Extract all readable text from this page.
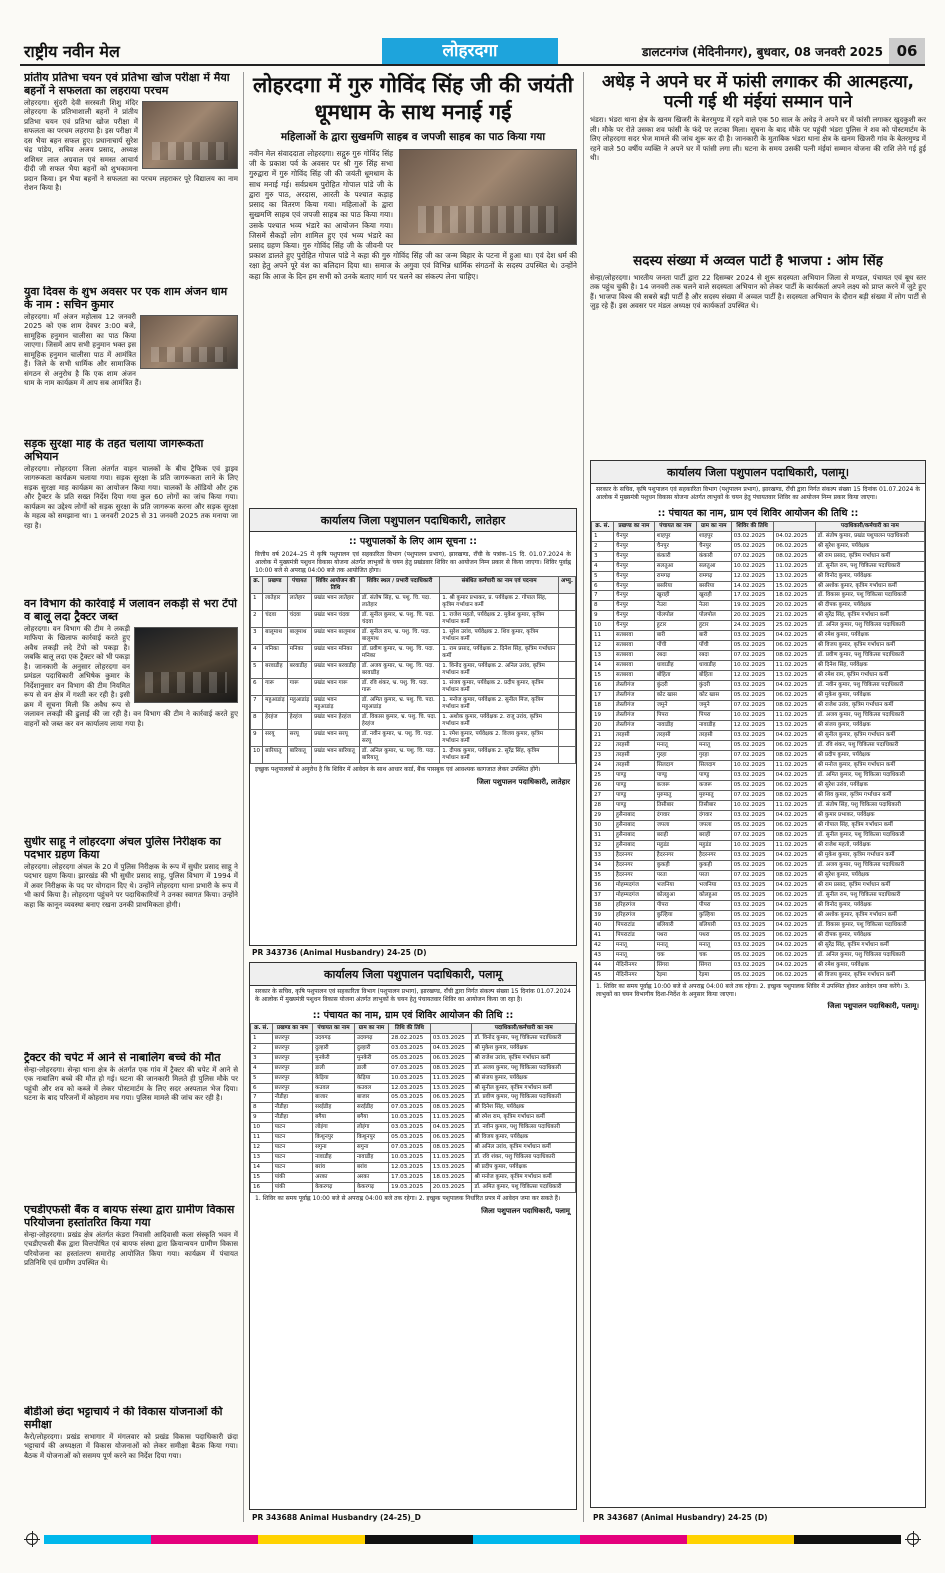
राष्ट्रीय नवीन मेल	लोहरदगा	डालटनगंज (मेदिनीनगर), बुधवार, 08 जनवरी 2025 06
प्रांतीय प्रतिभा चयन एवं प्रतिभा खोज परीक्षा में मैया बहनों ने सफलता का लहराया परचम
लोहरदगा। सुंदरी देवी सरस्वती शिशु मंदिर लोहरदगा के प्रतिभाशाली बहनों ने प्रांतीय प्रतिभा चयन एवं प्रतिभा खोज परीक्षा में सफलता का परचम लहराया है। इस परीक्षा में दस भैया बहन सफल हुए। प्रधानाचार्य सुरेश चंद्र पांडेय, सचिव अजय प्रसाद, अध्यक्ष शशिधर लाल अग्रवाल एवं समस्त आचार्य दीदी जी सफल भैया बहनों को शुभकामना प्रदान किया। इन भैया बहनों ने सफलता का परचम लहराकर पूरे विद्यालय का नाम रोशन किया है।
युवा दिवस के शुभ अवसर पर एक शाम अंजन धाम के नाम : सचिन कुमार
लोहरदगा। माँ अंजन महोत्सव 12 जनवरी 2025 को एक शाम देवघर 3:00 बजे, सामूहिक हनुमान चालीसा का पाठ किया जाएगा। जिसमें आप सभी हनुमान भक्त इस सामूहिक हनुमान चालीसा पाठ में आमंत्रित हैं। जिले के सभी धार्मिक और सामाजिक संगठन से अनुरोध है कि एक शाम अंजन धाम के नाम कार्यक्रम में आप सब आमंत्रित हैं।
सड़क सुरक्षा माह के तहत चलाया जागरूकता अभियान
लोहरदगा। लोहरदगा जिला अंतर्गत वाहन चालकों के बीच ट्रैफिक एवं ड्राइव जागरूकता कार्यक्रम चलाया गया। सड़क सुरक्षा के प्रति जागरूकता लाने के लिए सड़क सुरक्षा माह कार्यक्रम का आयोजन किया गया। चालकों के ऑडियो और ट्रक और ट्रैक्टर के प्रति सख्त निर्देश दिया गया कुल 60 लोगों का जांच किया गया। कार्यक्रम का उद्देश्य लोगों को सड़क सुरक्षा के प्रति जागरूक करना और सड़क सुरक्षा के महत्व को समझाना था। 1 जनवरी 2025 से 31 जनवरी 2025 तक मनाया जा रहा है।
वन विभाग की कार्रवाई में जलावन लकड़ी से भरा टेंपो व बालू लदा ट्रैक्टर जब्त
लोहरदगा। वन विभाग की टीम ने लकड़ी माफिया के खिलाफ कार्रवाई करते हुए अवैध लकड़ी लदे टेंपो को पकड़ा है। जबकि बालू लदा एक ट्रैक्टर को भी पकड़ा है। जानकारी के अनुसार लोहरदगा वन प्रमंडल पदाधिकारी अभिषेक कुमार के निर्देशानुसार वन विभाग की टीम नियमित रूप से वन क्षेत्र में गश्ती कर रही है। इसी क्रम में सूचना मिली कि अवैध रूप से जलावन लकड़ी की ढुलाई की जा रही है। वन विभाग की टीम ने कार्रवाई करते हुए वाहनों को जब्त कर वन कार्यालय लाया गया है।
सुधीर साहू ने लोहरदगा अंचल पुलिस निरीक्षक का पदभार ग्रहण किया
लोहरदगा। लोहरदगा अंचल के 20 में पुलिस निरीक्षक के रूप में सुधीर प्रसाद साहू ने पदभार ग्रहण किया। झारखंड की भी सुधीर प्रसाद साहू, पुलिस विभाग में 1994 में में अवर निरीक्षक के पद पर योगदान दिए थे। उन्होंने लोहरदगा थाना प्रभारी के रूप में भी कार्य किया है। लोहरदगा पहुंचने पर पदाधिकारियों ने उनका स्वागत किया। उन्होंने कहा कि कानून व्यवस्था बनाए रखना उनकी प्राथमिकता होगी।
ट्रैक्टर की चपेट में आने से नाबालिग बच्चे की मौत
सेन्हा-लोहरदगा। सेन्हा थाना क्षेत्र के अंतर्गत एक गांव में ट्रैक्टर की चपेट में आने से एक नाबालिग बच्चे की मौत हो गई। घटना की जानकारी मिलते ही पुलिस मौके पर पहुंची और शव को कब्जे में लेकर पोस्टमार्टम के लिए सदर अस्पताल भेज दिया। घटना के बाद परिजनों में कोहराम मच गया। पुलिस मामले की जांच कर रही है।
एचडीएफसी बैंक व बायफ संस्था द्वारा ग्रामीण विकास परियोजना हस्तांतरित किया गया
सेन्हा-लोहरदगा। प्रखंड क्षेत्र अंतर्गत कंडरा निवासी आदिवासी कला संस्कृति भवन में एचडीएफसी बैंक द्वारा वित्तपोषित एवं बायफ संस्था द्वारा क्रियान्वयन ग्रामीण विकास परियोजना का हस्तांतरण समारोह आयोजित किया गया। कार्यक्रम में पंचायत प्रतिनिधि एवं ग्रामीण उपस्थित थे।
बीडीओ छंदा भट्टाचार्य ने की विकास योजनाओं की समीक्षा
कैरो/लोहरदगा। प्रखंड सभागार में मंगलवार को प्रखंड विकास पदाधिकारी छंदा भट्टाचार्य की अध्यक्षता में विकास योजनाओं को लेकर समीक्षा बैठक किया गया। बैठक में योजनाओं को ससमय पूर्ण करने का निर्देश दिया गया।
लोहरदगा में गुरु गोविंद सिंह जी की जयंती धूमधाम के साथ मनाई गई
महिलाओं के द्वारा सुखमणि साहब व जपजी साहब का पाठ किया गया
नवीन मेल संवाददाता लोहरदगा। सद्गुरु गुरु गोविंद सिंह जी के प्रकाश पर्व के अवसर पर श्री गुरु सिंह सभा गुरुद्वारा में गुरु गोविंद सिंह जी की जयंती धूमधाम के साथ मनाई गई। सर्वप्रथम पुरोहित गोपाल पांडे जी के द्वारा गुरु पाठ, अरदास, आरती के पश्चात कड़ाह प्रसाद का वितरण किया गया। महिलाओं के द्वारा सुखमणि साहब एवं जपजी साहब का पाठ किया गया। उसके पश्चात भव्य भंडारे का आयोजन किया गया। जिसमें सैकड़ों लोग शामिल हुए एवं भव्य भंडारे का प्रसाद ग्रहण किया। गुरु गोविंद सिंह जी के जीवनी पर प्रकाश डालते हुए पुरोहित गोपाल पांडे ने कहा की गुरु गोविंद सिंह जी का जन्म बिहार के पटना में हुआ था। एवं देश धर्म की रक्षा हेतु अपने पूरे वंश का बलिदान दिया था। समाज के अगुवा एवं विभिन्न धार्मिक संगठनों के सदस्य उपस्थित थे। उन्होंने कहा कि आज के दिन हम सभी को उनके बताए मार्ग पर चलने का संकल्प लेना चाहिए।
कार्यालय जिला पशुपालन पदाधिकारी, लातेहार
:: पशुपालकों के लिए आम सूचना ::
वित्तीय वर्ष 2024–25 में कृषि पशुपालन एवं सहकारिता विभाग (पशुपालन प्रभाग), झारखण्ड, राँची के पत्रांक–15 दि. 01.07.2024 के आलोक में मुख्यमंत्री पशुधन विकास योजना अंतर्गत लाभुकों के चयन हेतु प्रखंडवार शिविर का आयोजन निम्न प्रकार से किया जाएगा। शिविर पूर्वाह्न 10:00 बजे से अपराह्न 04:00 बजे तक आयोजित होगा।
क्र.	प्रखण्ड	पंचायत	शिविर आयोजन की तिथि	शिविर स्थल / प्रभारी पदाधिकारी	संबंधित कर्मचारी का नाम एवं पदनाम	अभ्यु.
1	लातेहार	लातेहार	प्रखंड भवन लातेहार	डॉ. संतोष सिंह, भ्र. पशु. चि. पदा. लातेहार	1. श्री कुमार प्रभाकर, प्र. पर्यवेक्षक 2. गोपाल सिंह, कृत्रिम गर्भाधान कर्मी	
2	चंदवा	चंदवा	प्रखंड भवन चंदवा	डॉ. सुनील कुमार, भ्र. पशु. चि. पदा. चंदवा	1. राजेश महतो, पर्यवेक्षक 2. मुकेश कुमार, कृत्रिम गर्भाधान कर्मी	
3	बालूमाथ	बालूमाथ	प्रखंड भवन बालूमाथ	डॉ. सुनील राम, भ्र. पशु. चि. पदा. बालूमाथ	1. सुरेश उरांव, पर्यवेक्षक 2. शिव कुमार, कृत्रिम गर्भाधान कर्मी	
4	मनिका	मनिका	प्रखंड भवन मनिका	डॉ. प्रवीण कुमार, भ्र. पशु. चि. पदा. मनिका	1. राम प्रसाद, पर्यवेक्षक 2. दिनेश सिंह, कृत्रिम गर्भाधान कर्मी	
5	बरवाडीह	बरवाडीह	प्रखंड भवन बरवाडीह	डॉ. अजय कुमार, भ्र. पशु. चि. पदा. बरवाडीह	1. विनोद कुमार, पर्यवेक्षक 2. अनिल उरांव, कृत्रिम गर्भाधान कर्मी	
6	गारू	गारू	प्रखंड भवन गारू	डॉ. रवि शंकर, भ्र. पशु. चि. पदा. गारू	1. संजय कुमार, पर्यवेक्षक 2. प्रदीप कुमार, कृत्रिम गर्भाधान कर्मी	
7	महुआडांड़	महुआडांड़	प्रखंड भवन महुआडांड़	डॉ. अमित कुमार, भ्र. पशु. चि. पदा. महुआडांड़	1. मनोज कुमार, पर्यवेक्षक 2. सुनील मिंज, कृत्रिम गर्भाधान कर्मी	
8	हेरहंज	हेरहंज	प्रखंड भवन हेरहंज	डॉ. विकास कुमार, भ्र. पशु. चि. पदा. हेरहंज	1. अशोक कुमार, पर्यवेक्षक 2. राजू उरांव, कृत्रिम गर्भाधान कर्मी	
9	सरयू	सरयू	प्रखंड भवन सरयू	डॉ. नवीन कुमार, भ्र. पशु. चि. पदा. सरयू	1. रमेश कुमार, पर्यवेक्षक 2. विजय कुमार, कृत्रिम गर्भाधान कर्मी	
10	बारियातू	बारियातू	प्रखंड भवन बारियातू	डॉ. अनिल कुमार, भ्र. पशु. चि. पदा. बारियातू	1. दीपक कुमार, पर्यवेक्षक 2. सुरेंद्र सिंह, कृत्रिम गर्भाधान कर्मी	
इच्छुक पशुपालकों से अनुरोध है कि शिविर में आवेदन के साथ आधार कार्ड, बैंक पासबुक एवं आवश्यक कागजात लेकर उपस्थित होंगे।
जिला पशुपालन पदाधिकारी, लातेहार
PR 343736 (Animal Husbandry) 24-25 (D)
कार्यालय जिला पशुपालन पदाधिकारी, पलामू
सरकार के सचिव, कृषि पशुपालन एवं सहकारिता विभाग (पशुपालन प्रभाग), झारखण्ड, राँची द्वारा निर्गत संकल्प संख्या 15 दिनांक 01.07.2024 के आलोक में मुख्यमंत्री पशुधन विकास योजना अंतर्गत लाभुकों के चयन हेतु पंचायतवार शिविर का आयोजन किया जा रहा है।
:: पंचायत का नाम, ग्राम एवं शिविर आयोजन की तिथि ::
क्र. सं.	प्रखण्ड का नाम	पंचायत का नाम	ग्राम का नाम	तिथि की तिथि		पदाधिकारी/कर्मचारी का नाम
1	छतरपुर	उदयगढ़	उदयगढ़	28.02.2025	03.03.2025	डॉ. विनोद कुमार, पशु चिकित्सा पदाधिकारी
2	छतरपुर	दुल्हारी	दुल्हारी	03.03.2025	04.03.2025	श्री मुकेश कुमार, पर्यवेक्षक
3	छतरपुर	मुनकेरी	मुनकेरी	05.03.2025	06.03.2025	श्री राजेश उरांव, कृत्रिम गर्भाधान कर्मी
4	छतरपुर	डाली	डाली	07.03.2025	08.03.2025	डॉ. अजय कुमार, पशु चिकित्सा पदाधिकारी
5	छतरपुर	केड़िया	केड़िया	10.03.2025	11.03.2025	श्री संजय कुमार, पर्यवेक्षक
6	छतरपुर	कउवल	कउवल	12.03.2025	13.03.2025	श्री सुनील कुमार, कृत्रिम गर्भाधान कर्मी
7	नौडीहा	बाजार	बाजार	05.03.2025	06.03.2025	डॉ. प्रवीण कुमार, पशु चिकित्सा पदाधिकारी
8	नौडीहा	सरईडीह	सरईडीह	07.03.2025	08.03.2025	श्री दिनेश सिंह, पर्यवेक्षक
9	नौडीहा	बगैया	बगैया	10.03.2025	11.03.2025	श्री रमेश राम, कृत्रिम गर्भाधान कर्मी
10	पाटन	लोइंगा	लोइंगा	03.03.2025	04.03.2025	डॉ. नवीन कुमार, पशु चिकित्सा पदाधिकारी
11	पाटन	किशुनपुर	किशुनपुर	05.03.2025	06.03.2025	श्री विजय कुमार, पर्यवेक्षक
12	पाटन	सगुना	सगुना	07.03.2025	08.03.2025	श्री अनिल उरांव, कृत्रिम गर्भाधान कर्मी
13	पाटन	नावाडीह	नावाडीह	10.03.2025	11.03.2025	डॉ. रवि शंकर, पशु चिकित्सा पदाधिकारी
14	पाटन	बरांव	बरांव	12.03.2025	13.03.2025	श्री प्रदीप कुमार, पर्यवेक्षक
15	पांकी	अरका	अरका	17.03.2025	18.03.2025	श्री मनोज कुमार, कृत्रिम गर्भाधान कर्मी
16	पांकी	केकरगढ़	केकरगढ़	19.03.2025	20.03.2025	डॉ. अमित कुमार, पशु चिकित्सा पदाधिकारी
1. शिविर का समय पूर्वाह्न 10:00 बजे से अपराह्न 04:00 बजे तक रहेगा। 2. इच्छुक पशुपालक निर्धारित प्रपत्र में आवेदन जमा कर सकते हैं।
जिला पशुपालन पदाधिकारी, पलामू
PR 343688 Animal Husbandry (24-25)_D
अधेड़ ने अपने घर में फांसी लगाकर की आत्महत्या, पत्नी गई थी मंईयां सम्मान पाने
भंडरा। भंडरा थाना क्षेत्र के खनम खिजरी के बेतरमुण्ड में रहने वाले एक 50 साल के अधेड़ ने अपने घर में फांसी लगाकर खुदकुशी कर ली। मौके पर रोते उसका शव फांसी के फंदे पर लटका मिला। सूचना के बाद मौके पर पहुंची भंडरा पुलिस ने शव को पोस्टमार्टम के लिए लोहरदगा सदर भेज मामले की जांच शुरू कर दी है। जानकारी के मुताबिक भंडरा थाना क्षेत्र के खनम खिजरी गांव के बेतरमुण्ड में रहने वाले 50 वर्षीय व्यक्ति ने अपने घर में फांसी लगा ली। घटना के समय उसकी पत्नी मंईयां सम्मान योजना की राशि लेने गई हुई थी।
सदस्य संख्या में अव्वल पार्टी है भाजपा : ओम सिंह
सेन्हा/लोहरदगा। भारतीय जनता पार्टी द्वारा 22 दिसम्बर 2024 से शुरू सदस्यता अभियान जिला से मण्डल, पंचायत एवं बूथ स्तर तक पहुंच चुकी है। 14 जनवरी तक चलने वाले सदस्यता अभियान को लेकर पार्टी के कार्यकर्ता अपने लक्ष्य को प्राप्त करने में जुटे हुए हैं। भाजपा विश्व की सबसे बड़ी पार्टी है और सदस्य संख्या में अव्वल पार्टी है। सदस्यता अभियान के दौरान बड़ी संख्या में लोग पार्टी से जुड़ रहे हैं। इस अवसर पर मंडल अध्यक्ष एवं कार्यकर्ता उपस्थित थे।
कार्यालय जिला पशुपालन पदाधिकारी, पलामू।
सरकार के सचिव, कृषि पशुपालन एवं सहकारिता विभाग (पशुपालन प्रभाग), झारखण्ड, राँची द्वारा निर्गत संकल्प संख्या 15 दिनांक 01.07.2024 के आलोक में मुख्यमंत्री पशुधन विकास योजना अंतर्गत लाभुकों के चयन हेतु पंचायतवार शिविर का आयोजन निम्न प्रकार किया जाएगा।
:: पंचायत का नाम, ग्राम एवं शिविर आयोजन की तिथि ::
क्र. सं.	प्रखण्ड का नाम	पंचायत का नाम	ग्राम का नाम	शिविर की तिथि		पदाधिकारी/कर्मचारी का नाम
1	चैनपुर	शाहपुर	शाहपुर	03.02.2025	04.02.2025	डॉ. संतोष कुमार, प्रखंड पशुपालन पदाधिकारी
2	चैनपुर	चैनपुर	चैनपुर	05.02.2025	06.02.2025	श्री सुरेश कुमार, पर्यवेक्षक
3	चैनपुर	कंकारी	कंकारी	07.02.2025	08.02.2025	श्री राम प्रसाद, कृत्रिम गर्भाधान कर्मी
4	चैनपुर	सलतुआ	सलतुआ	10.02.2025	11.02.2025	डॉ. सुनील राम, पशु चिकित्सा पदाधिकारी
5	चैनपुर	रामगढ़	रामगढ़	12.02.2025	13.02.2025	श्री विनोद कुमार, पर्यवेक्षक
6	चैनपुर	बसरिया	बसरिया	14.02.2025	15.02.2025	श्री अशोक कुमार, कृत्रिम गर्भाधान कर्मी
7	चैनपुर	खुराही	खुराही	17.02.2025	18.02.2025	डॉ. विकास कुमार, पशु चिकित्सा पदाधिकारी
8	चैनपुर	नेउरा	नेउरा	19.02.2025	20.02.2025	श्री दीपक कुमार, पर्यवेक्षक
9	चैनपुर	पोलपोल	पोलपोल	20.02.2025	21.02.2025	श्री सुरेंद्र सिंह, कृत्रिम गर्भाधान कर्मी
10	चैनपुर	हुटार	हुटार	24.02.2025	25.02.2025	डॉ. अनिल कुमार, पशु चिकित्सा पदाधिकारी
11	सतबरवा	बारी	बारी	03.02.2025	04.02.2025	श्री रमेश कुमार, पर्यवेक्षक
12	सतबरवा	पोंची	पोंची	05.02.2025	06.02.2025	श्री विजय कुमार, कृत्रिम गर्भाधान कर्मी
13	सतबरवा	रबदा	रबदा	07.02.2025	08.02.2025	डॉ. प्रवीण कुमार, पशु चिकित्सा पदाधिकारी
14	सतबरवा	धावाडीह	धावाडीह	10.02.2025	11.02.2025	श्री दिनेश सिंह, पर्यवेक्षक
15	सतबरवा	बोहिता	बोहिता	12.02.2025	13.02.2025	श्री रमेश राम, कृत्रिम गर्भाधान कर्मी
16	लेस्लीगंज	कुंदरी	कुंदरी	03.02.2025	04.02.2025	डॉ. नवीन कुमार, पशु चिकित्सा पदाधिकारी
17	लेस्लीगंज	कोट खास	कोट खास	05.02.2025	06.02.2025	श्री मुकेश कुमार, पर्यवेक्षक
18	लेस्लीगंज	जमुने	जमुने	07.02.2025	08.02.2025	श्री राजेश उरांव, कृत्रिम गर्भाधान कर्मी
19	लेस्लीगंज	पिपरा	पिपरा	10.02.2025	11.02.2025	डॉ. अजय कुमार, पशु चिकित्सा पदाधिकारी
20	लेस्लीगंज	नावाडीह	नावाडीह	12.02.2025	13.02.2025	श्री संजय कुमार, पर्यवेक्षक
21	तरहसी	तरहसी	तरहसी	03.02.2025	04.02.2025	श्री सुनील कुमार, कृत्रिम गर्भाधान कर्मी
22	तरहसी	मनातू	मनातू	05.02.2025	06.02.2025	डॉ. रवि शंकर, पशु चिकित्सा पदाधिकारी
23	तरहसी	गुरहा	गुरहा	07.02.2025	08.02.2025	श्री प्रदीप कुमार, पर्यवेक्षक
24	तरहसी	सिलदाग	सिलदाग	10.02.2025	11.02.2025	श्री मनोज कुमार, कृत्रिम गर्भाधान कर्मी
25	पाण्डु	पाण्डु	पाण्डु	03.02.2025	04.02.2025	डॉ. अमित कुमार, पशु चिकित्सा पदाधिकारी
26	पाण्डु	कजरू	कजरू	05.02.2025	06.02.2025	श्री सुरेश उरांव, पर्यवेक्षक
27	पाण्डु	मुरुमातु	मुरुमातु	07.02.2025	08.02.2025	श्री शिव कुमार, कृत्रिम गर्भाधान कर्मी
28	पाण्डु	तिसीबार	तिसीबार	10.02.2025	11.02.2025	डॉ. संतोष सिंह, पशु चिकित्सा पदाधिकारी
29	हुसैनाबाद	दंगवार	दंगवार	03.02.2025	04.02.2025	श्री कुमार प्रभाकर, पर्यवेक्षक
30	हुसैनाबाद	जपला	जपला	05.02.2025	06.02.2025	श्री गोपाल सिंह, कृत्रिम गर्भाधान कर्मी
31	हुसैनाबाद	बराही	बराही	07.02.2025	08.02.2025	डॉ. सुनील कुमार, पशु चिकित्सा पदाधिकारी
32	हुसैनाबाद	महुडंड	महुडंड	10.02.2025	11.02.2025	श्री राजेश महतो, पर्यवेक्षक
33	हैदरनगर	हैदरनगर	हैदरनगर	03.02.2025	04.02.2025	श्री मुकेश कुमार, कृत्रिम गर्भाधान कर्मी
34	हैदरनगर	कुकही	कुकही	05.02.2025	06.02.2025	डॉ. अजय कुमार, पशु चिकित्सा पदाधिकारी
35	हैदरनगर	परता	परता	07.02.2025	08.02.2025	श्री सुरेश कुमार, पर्यवेक्षक
36	मोहम्मदगंज	भजनिया	भजनिया	03.02.2025	04.02.2025	श्री राम प्रसाद, कृत्रिम गर्भाधान कर्मी
37	मोहम्मदगंज	कोलहुआ	कोलहुआ	05.02.2025	06.02.2025	डॉ. सुनील राम, पशु चिकित्सा पदाधिकारी
38	हरिहरगंज	पीपरा	पीपरा	03.02.2025	04.02.2025	श्री विनोद कुमार, पर्यवेक्षक
39	हरिहरगंज	कुल्हिया	कुल्हिया	05.02.2025	06.02.2025	श्री अशोक कुमार, कृत्रिम गर्भाधान कर्मी
40	पिपराटांड	बलियारी	बलियारी	03.02.2025	04.02.2025	डॉ. विकास कुमार, पशु चिकित्सा पदाधिकारी
41	पिपराटांड	पथरा	पथरा	05.02.2025	06.02.2025	श्री दीपक कुमार, पर्यवेक्षक
42	मनातू	मनातू	मनातू	03.02.2025	04.02.2025	श्री सुरेंद्र सिंह, कृत्रिम गर्भाधान कर्मी
43	मनातू	चक	चक	05.02.2025	06.02.2025	डॉ. अनिल कुमार, पशु चिकित्सा पदाधिकारी
44	मेदिनीनगर	सिंगरा	सिंगरा	03.02.2025	04.02.2025	श्री रमेश कुमार, पर्यवेक्षक
45	मेदिनीनगर	रेड़मा	रेड़मा	05.02.2025	06.02.2025	श्री विजय कुमार, कृत्रिम गर्भाधान कर्मी
1. शिविर का समय पूर्वाह्न 10:00 बजे से अपराह्न 04:00 बजे तक रहेगा। 2. इच्छुक पशुपालक शिविर में उपस्थित होकर आवेदन जमा करेंगे। 3. लाभुकों का चयन विभागीय दिशा-निर्देश के अनुसार किया जाएगा।
जिला पशुपालन पदाधिकारी, पलामू।
PR 343687 (Animal Husbandry) 24-25 (D)
